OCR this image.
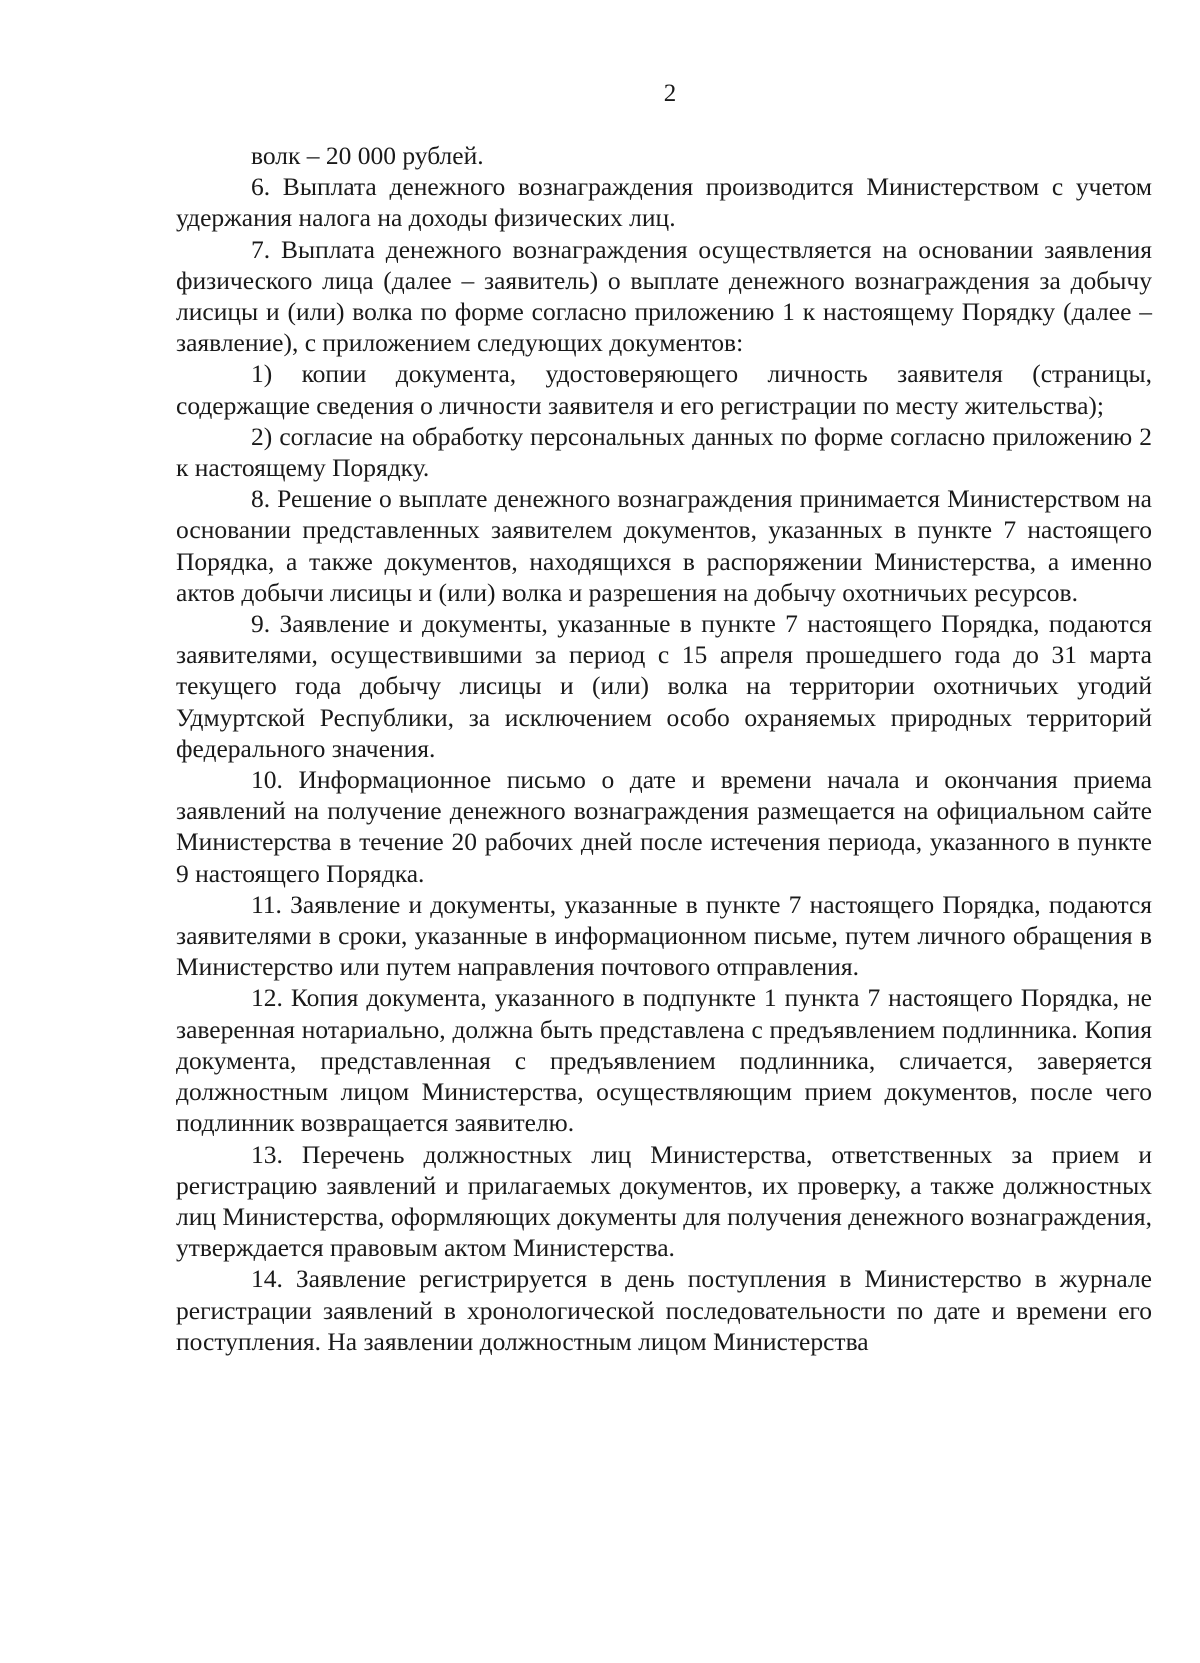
2

волк – 20 000 рублей.

6. Выплата денежного вознаграждения производится Министерством с учетом удержания налога на доходы физических лиц.

7. Выплата денежного вознаграждения осуществляется на основании заявления физического лица (далее – заявитель) о выплате денежного вознаграждения за добычу лисицы и (или) волка по форме согласно приложению 1 к настоящему Порядку (далее – заявление), с приложением следующих документов:

1) копии документа, удостоверяющего личность заявителя (страницы, содержащие сведения о личности заявителя и его регистрации по месту жительства);

2) согласие на обработку персональных данных по форме согласно приложению 2 к настоящему Порядку.

8. Решение о выплате денежного вознаграждения принимается Министерством на основании представленных заявителем документов, указанных в пункте 7 настоящего Порядка, а также документов, находящихся в распоряжении Министерства, а именно актов добычи лисицы и (или) волка и разрешения на добычу охотничьих ресурсов.

9. Заявление и документы, указанные в пункте 7 настоящего Порядка, подаются заявителями, осуществившими за период с 15 апреля прошедшего года до 31 марта текущего года добычу лисицы и (или) волка на территории охотничьих угодий Удмуртской Республики, за исключением особо охраняемых природных территорий федерального значения.

10. Информационное письмо о дате и времени начала и окончания приема заявлений на получение денежного вознаграждения размещается на официальном сайте Министерства в течение 20 рабочих дней после истечения периода, указанного в пункте 9 настоящего Порядка.

11. Заявление и документы, указанные в пункте 7 настоящего Порядка, подаются заявителями в сроки, указанные в информационном письме, путем личного обращения в Министерство или путем направления почтового отправления.

12. Копия документа, указанного в подпункте 1 пункта 7 настоящего Порядка, не заверенная нотариально, должна быть представлена с предъявлением подлинника. Копия документа, представленная с предъявлением подлинника, сличается, заверяется должностным лицом Министерства, осуществляющим прием документов, после чего подлинник возвращается заявителю.

13. Перечень должностных лиц Министерства, ответственных за прием и регистрацию заявлений и прилагаемых документов, их проверку, а также должностных лиц Министерства, оформляющих документы для получения денежного вознаграждения, утверждается правовым актом Министерства.

14. Заявление регистрируется в день поступления в Министерство в журнале регистрации заявлений в хронологической последовательности по дате и времени его поступления. На заявлении должностным лицом Министерства
